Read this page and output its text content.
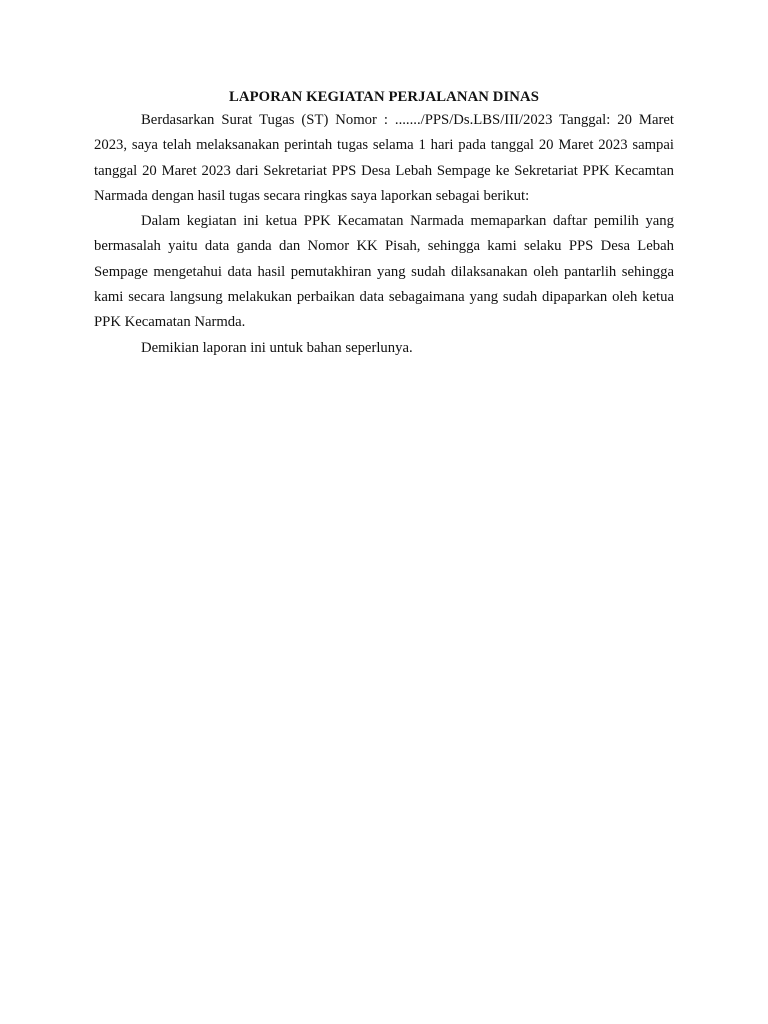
LAPORAN KEGIATAN PERJALANAN DINAS

Berdasarkan Surat Tugas (ST) Nomor : ......./PPS/Ds.LBS/III/2023 Tanggal: 20 Maret 2023, saya telah melaksanakan perintah tugas selama 1 hari pada tanggal 20 Maret 2023 sampai tanggal 20 Maret 2023 dari Sekretariat PPS Desa Lebah Sempage ke Sekretariat PPK Kecamtan Narmada dengan hasil tugas secara ringkas saya laporkan sebagai berikut:

Dalam kegiatan ini ketua PPK Kecamatan Narmada memaparkan daftar pemilih yang bermasalah yaitu data ganda dan Nomor KK Pisah, sehingga kami selaku PPS Desa Lebah Sempage mengetahui data hasil pemutakhiran yang sudah dilaksanakan oleh pantarlih sehingga kami secara langsung melakukan perbaikan data sebagaimana yang sudah dipaparkan oleh ketua PPK Kecamatan Narmda.

Demikian laporan ini untuk bahan seperlunya.
